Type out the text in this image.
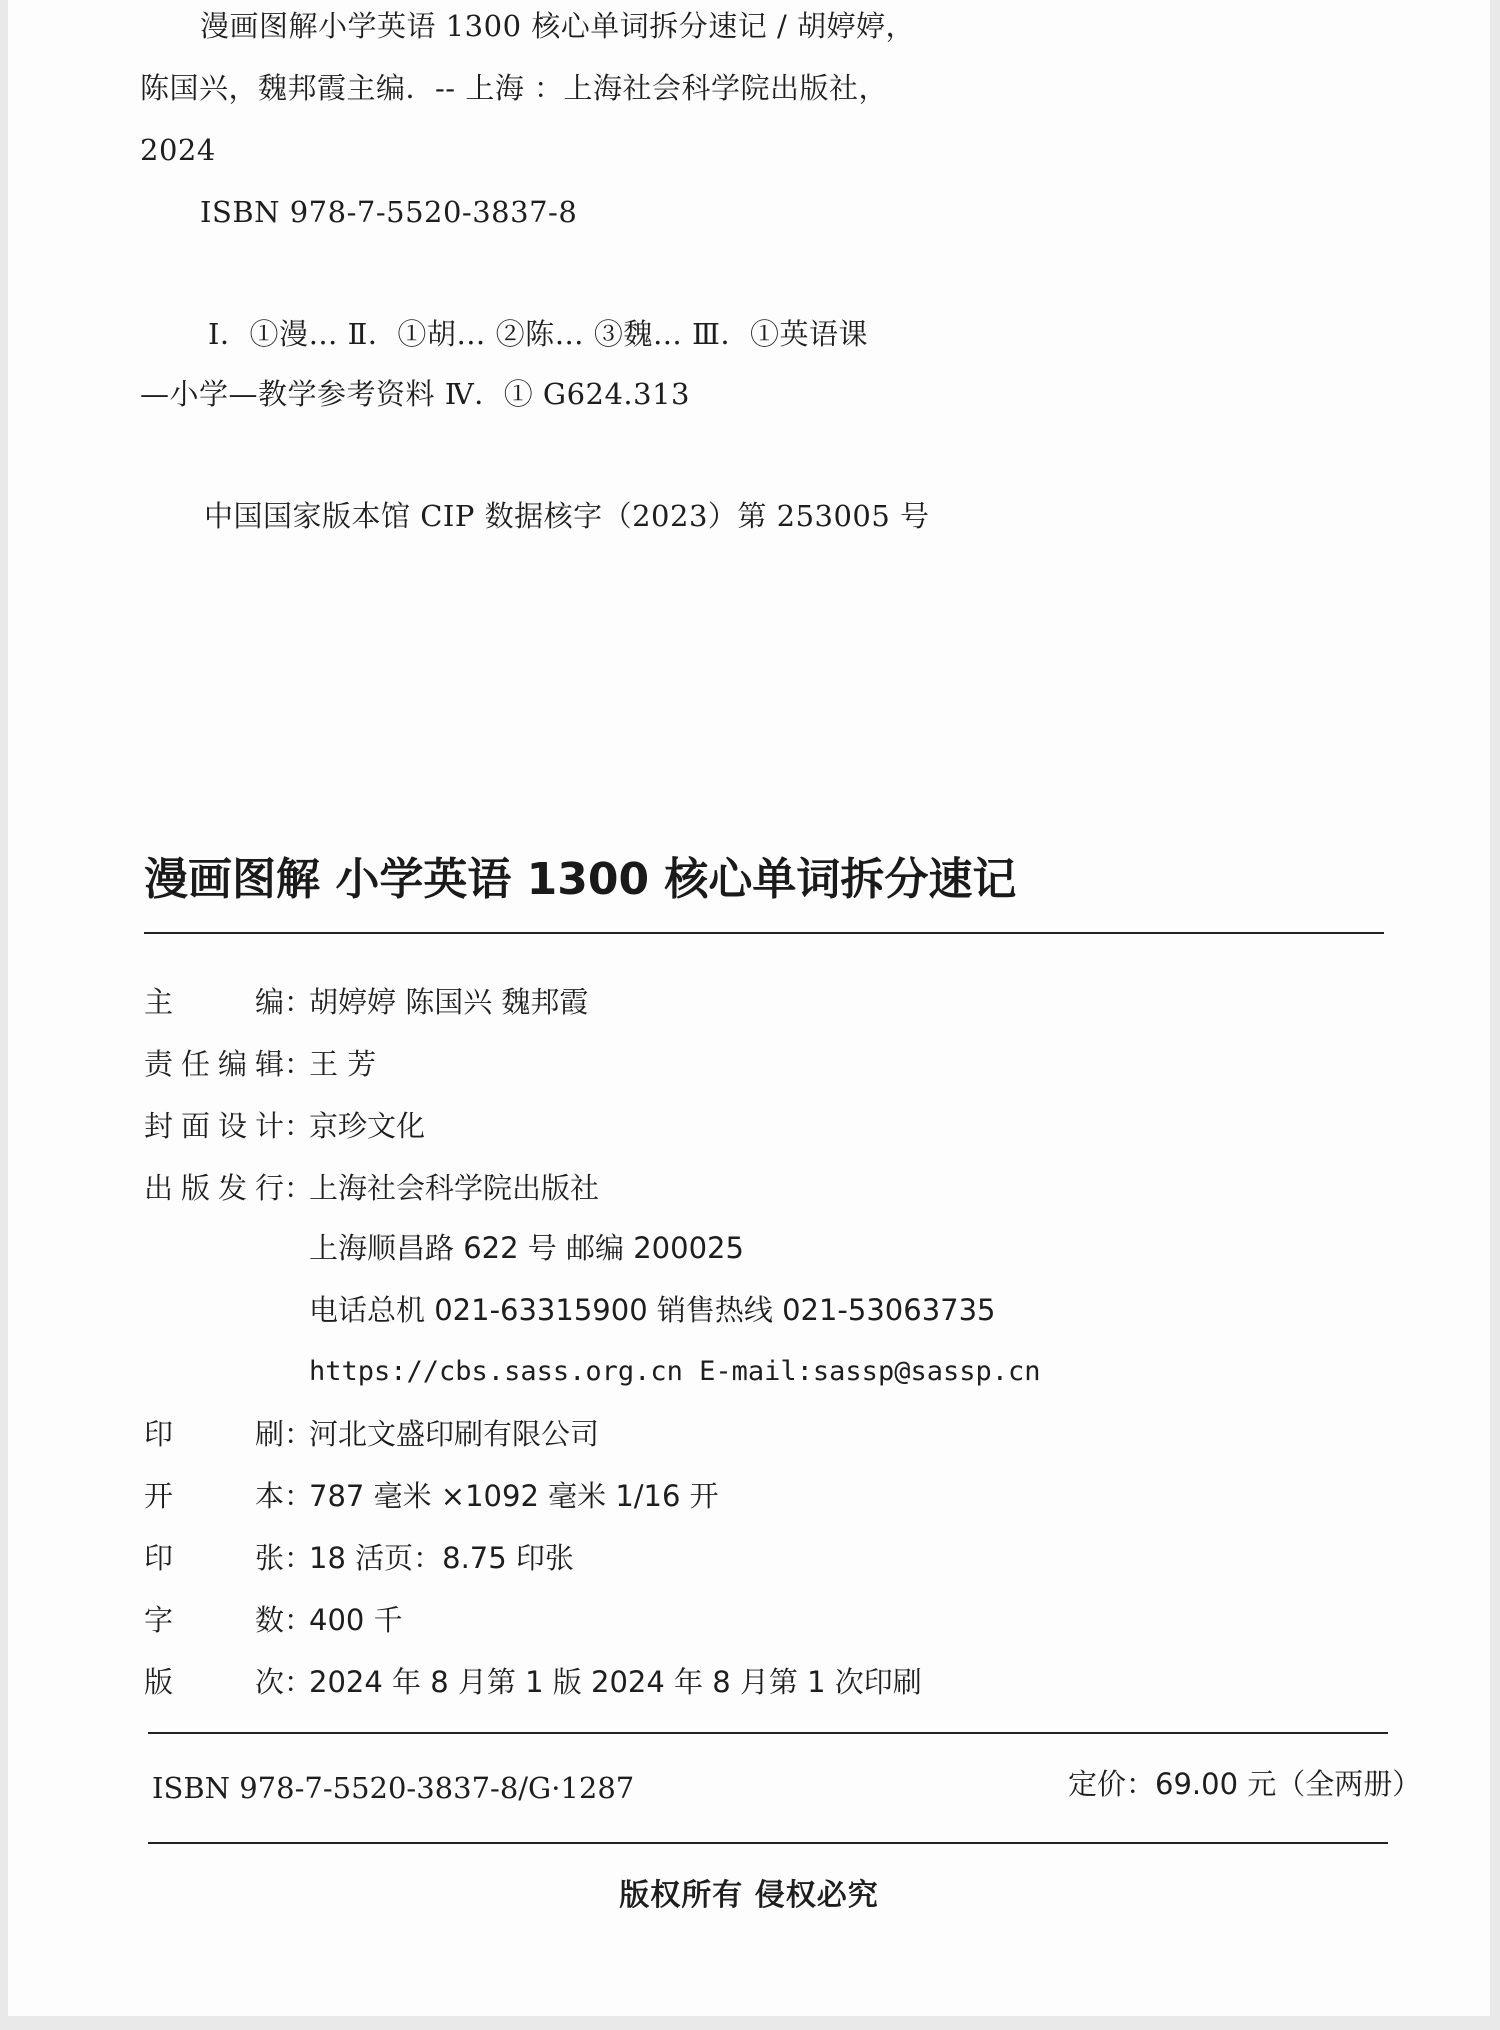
漫画图解小学英语 1300 核心单词拆分速记 / 胡婷婷，
陈国兴，魏邦霞主编．-- 上海 ：上海社会科学院出版社，
2024
ISBN 978-7-5520-3837-8
Ⅰ．①漫… Ⅱ．①胡… ②陈… ③魏… Ⅲ．①英语课
—小学—教学参考资料 Ⅳ．① G624.313
中国国家版本馆 CIP 数据核字（2023）第 253005 号
漫画图解 小学英语 1300 核心单词拆分速记
主编 ：
胡婷婷 陈国兴 魏邦霞
责任编辑 ：
王 芳
封面设计 ：
京珍文化
出版发行 ：
上海社会科学院出版社
上海顺昌路 622 号 邮编 200025
电话总机 021-63315900 销售热线 021-53063735
https://cbs.sass.org.cn E-mail:sassp@sassp.cn
印刷 ：
河北文盛印刷有限公司
开本 ：
787 毫米 ×1092 毫米 1/16 开
印张 ：
18 活页：8.75 印张
字数 ：
400 千
版次 ：
2024 年 8 月第 1 版 2024 年 8 月第 1 次印刷
ISBN 978-7-5520-3837-8/G·1287	定价：69.00 元（全两册）
版权所有 侵权必究
